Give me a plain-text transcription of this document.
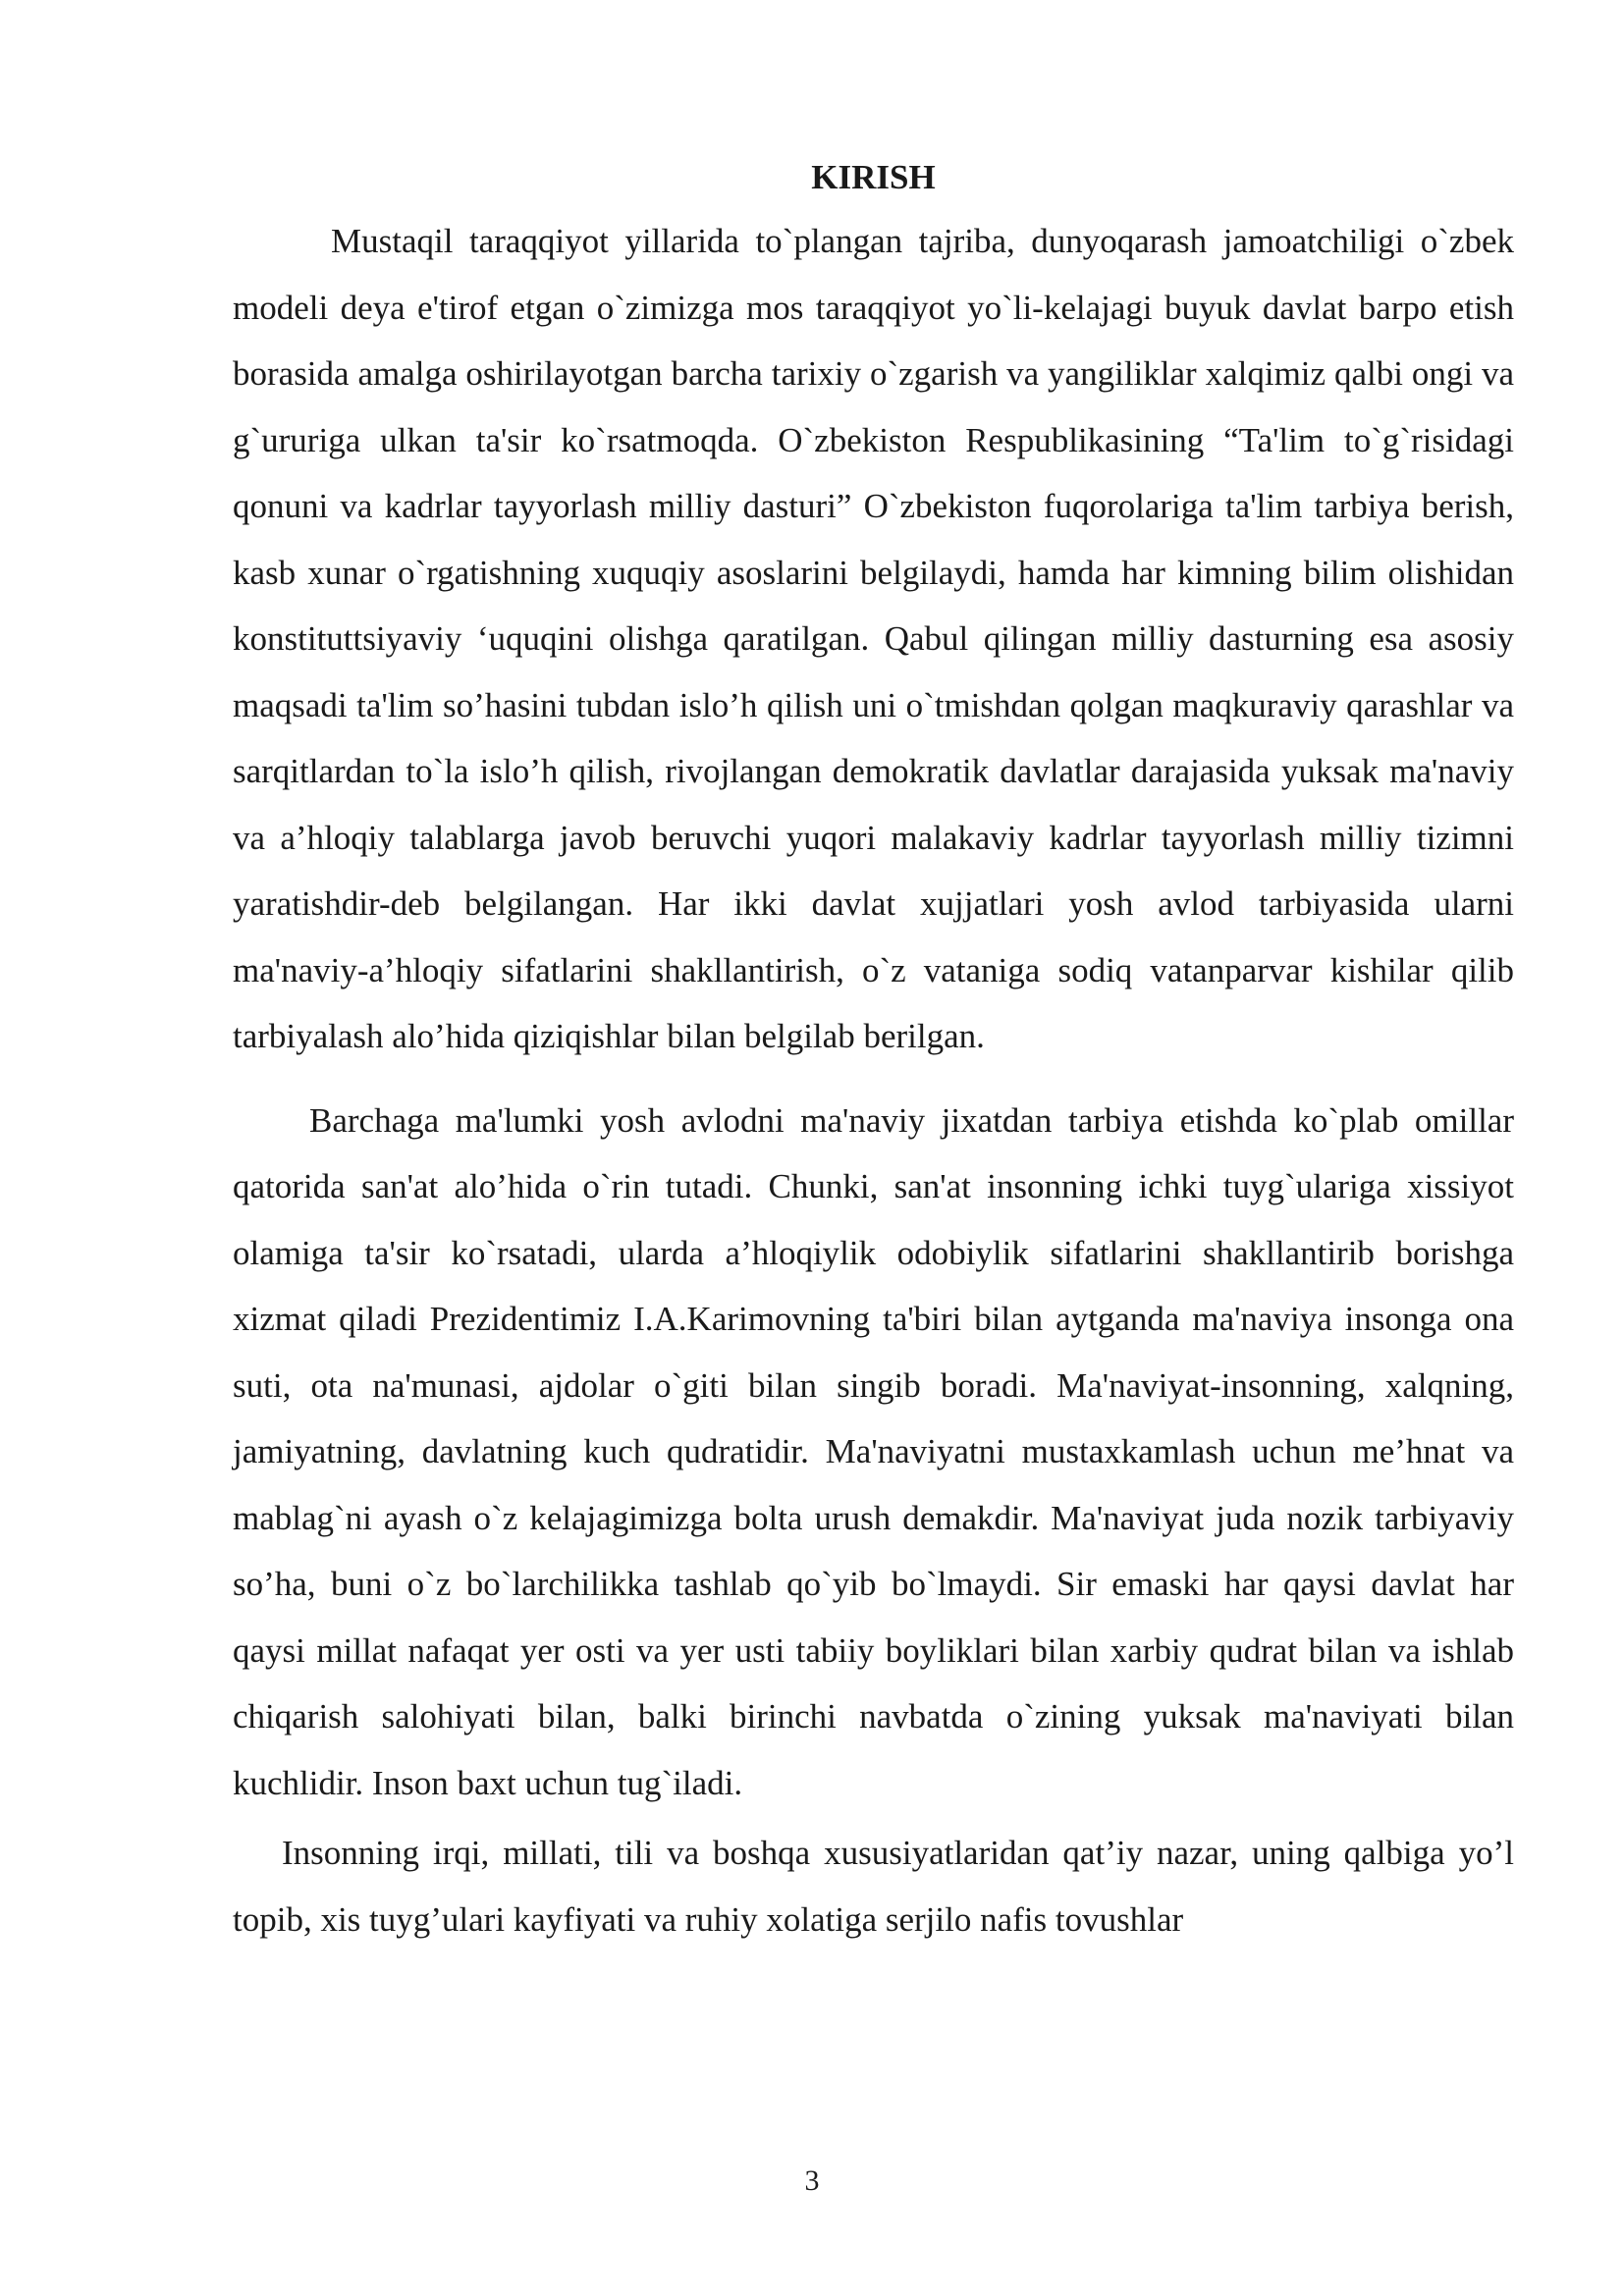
KIRISH

Mustaqil taraqqiyot yillarida to`plangan tajriba, dunyoqarash jamoatchiligi o`zbek modeli deya e'tirof etgan o`zimizga mos taraqqiyot yo`li-kelajagi buyuk davlat barpo etish borasida amalga oshirilayotgan barcha tarixiy o`zgarish va yangiliklar xalqimiz qalbi ongi va g`ururiga ulkan ta'sir ko`rsatmoqda. O`zbekiston Respublikasining “Ta'lim to`g`risidagi qonuni va kadrlar tayyorlash milliy dasturi” O`zbekiston fuqorolariga ta'lim tarbiya berish, kasb xunar o`rgatishning xuquqiy asoslarini belgilaydi, hamda har kimning bilim olishidan konstituttsiyaviy ‘uquqini olishga qaratilgan. Qabul qilingan milliy dasturning esa asosiy maqsadi ta'lim so’hasini tubdan islo’h qilish uni o`tmishdan qolgan maqkuraviy qarashlar va sarqitlardan to`la islo’h qilish, rivojlangan demokratik davlatlar darajasida yuksak ma'naviy va a’hloqiy talablarga javob beruvchi yuqori malakaviy kadrlar tayyorlash milliy tizimni yaratishdir-deb belgilangan. Har ikki davlat xujjatlari yosh avlod tarbiyasida ularni ma'naviy-a’hloqiy sifatlarini shakllantirish, o`z vataniga sodiq vatanparvar kishilar qilib tarbiyalash alo’hida qiziqishlar bilan belgilab berilgan.

Barchaga ma'lumki yosh avlodni ma'naviy jixatdan tarbiya etishda ko`plab omillar qatorida san'at alo’hida o`rin tutadi. Chunki, san'at insonning ichki tuyg`ulariga xissiyot olamiga ta'sir ko`rsatadi, ularda a’hloqiylik odobiylik sifatlarini shakllantirib borishga xizmat qiladi Prezidentimiz I.A.Karimovning ta'biri bilan aytganda ma'naviya insonga ona suti, ota na'munasi, ajdolar o`giti bilan singib boradi. Ma'naviyat-insonning, xalqning, jamiyatning, davlatning kuch qudratidir. Ma'naviyatni mustaxkamlash uchun me’hnat va mablag`ni ayash o`z kelajagimizga bolta urush demakdir. Ma'naviyat juda nozik tarbiyaviy so’ha, buni o`z bo`larchilikka tashlab qo`yib bo`lmaydi. Sir emaski har qaysi davlat har qaysi millat nafaqat yer osti va yer usti tabiiy boyliklari bilan xarbiy qudrat bilan va ishlab chiqarish salohiyati bilan, balki birinchi navbatda o`zining yuksak ma'naviyati bilan kuchlidir. Inson baxt uchun tug`iladi.

Insonning irqi, millati, tili va boshqa xususiyatlaridan qat’iy nazar, uning qalbiga yo’l topib, xis tuyg’ulari kayfiyati va ruhiy xolatiga serjilo nafis tovushlar

3
